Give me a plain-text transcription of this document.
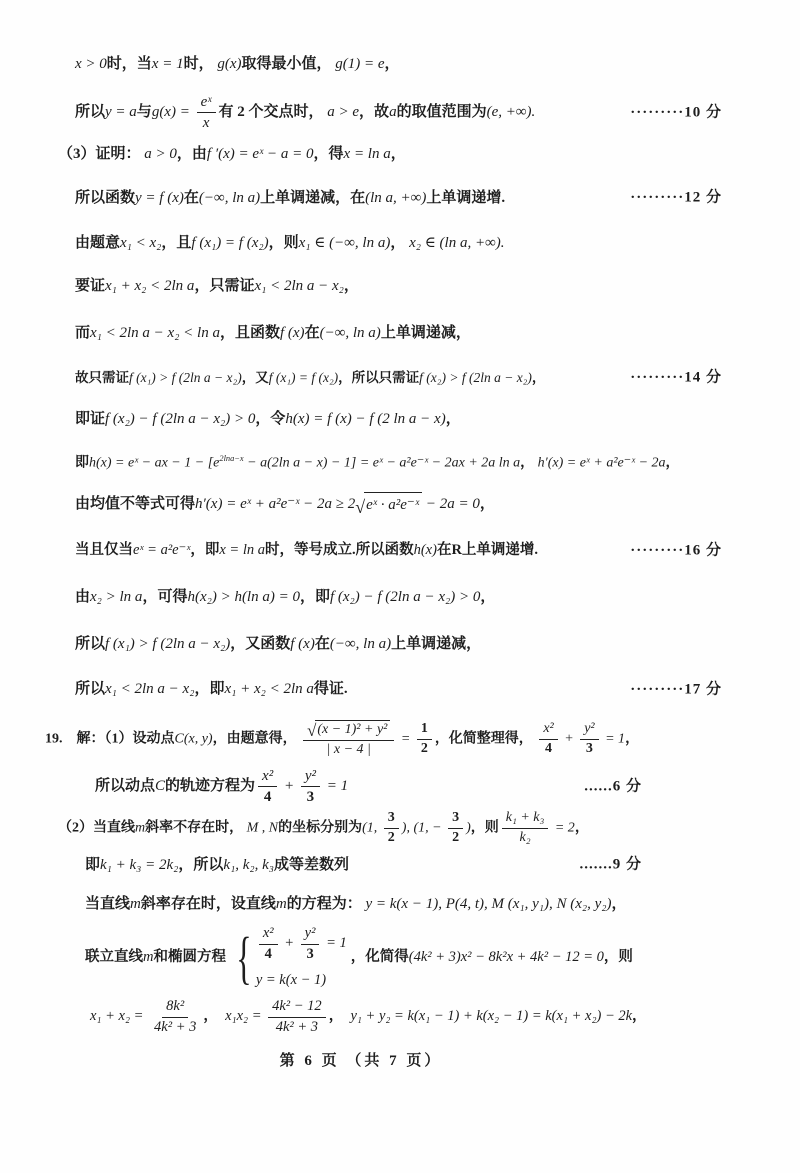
x > 0时，当x = 1时， g(x)取得最小值， g(1) = e，
所以y = a与$g(x) = \frac{\text{eˣ}}{x}$ 有 2 个交点时， a > e，故a的取值范围为(e, +∞).	·········10 分
（3）证明： a > 0，由f ′(x) = eˣ − a = 0，得x = ln a，
所以函数y = f (x)在(−∞, ln a)上单调递减，在(ln a, +∞)上单调递增.	·········12 分
由题意x₁ < x₂，且f (x₁) = f (x₂)，则x₁ ∈ (−∞, ln a)， x₂ ∈ (ln a, +∞).
要证x₁ + x₂ < 2ln a，只需证x₁ < 2ln a − x₂，
而x₁ < 2ln a − x₂ < ln a，且函数f (x)在(−∞, ln a)上单调递减，
故只需证f (x₁) > f (2ln a − x₂)，又f (x₁) = f (x₂)，所以只需证f (x₂) > f (2ln a − x₂)，	·········14 分
即证f (x₂) − f (2ln a − x₂) > 0，令h(x) = f (x) − f (2 ln a − x)，
即h(x) = eˣ − ax − $1 - [e^{2lna-x} - a(2\ln$ a − x) − 1] = eˣ − a²e⁻ˣ − 2ax + 2a ln a， h′(x) = eˣ + a²e⁻ˣ − 2a，
由均值不等式可得h′(x) = eˣ + a²e⁻ˣ − 2a ≥ 2 √ eˣ · a²e⁻ˣ − 2a = 0，
当且仅当eˣ = a²e⁻ˣ，即x = ln a时，等号成立.所以函数h(x)在R上单调递增.	·········16 分
由x₂ > ln a，可得h(x₂) > h(ln a) = 0，即f (x₂) − f (2ln a − x₂) > 0，
所以f (x₁) > f (2ln a − x₂)，又函数f (x)在(−∞, ln a)上单调递减，
所以x₁ < 2ln a − x₂，即x₁ + x₂ < 2ln a得证.	·········17 分
19.　解：（1）设动点C(x, y)，由题意得， $\frac{\text{√ (x − 1)² + y²}}{| x - 4 |} = \frac{1}{2}$ ，化简整理得， $\frac{\text{x²}}{4} + \frac{\text{y²}}{3} = 1$，
所以动点C的轨迹方程为 $\frac{\text{x²}}{4} + \frac{\text{y²}}{3} = 1$	......6 分
（2）当直线m斜率不存在时， M , N的坐标分别为(1, $\frac{3}{2}$ ), (1, − $\frac{3}{2}$ )，则 $\frac{\text{k₁ + k₃}}{\text{k₂}} = 2$，
即k₁ + k₃ = 2k₂，所以k₁, k₂, k₃成等差数列	.......9 分
当直线m斜率存在时，设直线m的方程为： y = k(x − 1), P(4, t), M (x₁, y₁), N (x₂, y₂)，
联立直线m和椭圆方程 { $\frac{\text{x²}}{4} + \frac{\text{y²}}{3} = 1$
y = k(x − 1)
，化简得(4k² + 3)x² − 8k²x + 4k² − 12 = 0，则
$x_1 + x_2 = \frac{\text{8k²}}{\text{4k² + 3}}$ ，　$x_1x_2 = \frac{\text{4k² − 12}}{\text{4k² + 3}}$ ，　y₁ + y₂ = k(x₁ − 1) + k(x₂ − 1) = k(x₁ + x₂) − 2k，
第 6 页 （共 7 页）
